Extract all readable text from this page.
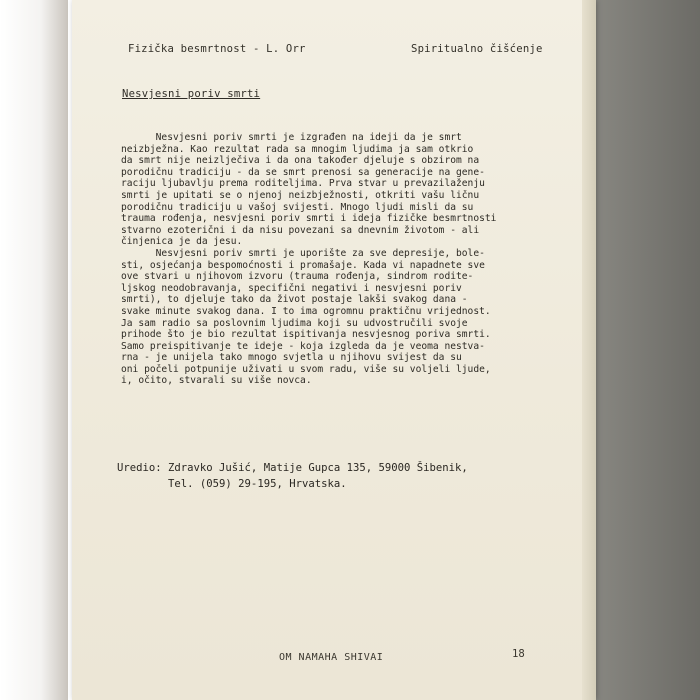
Fizička besmrtnost - L. Orr	Spiritualno čišćenje
Nesvjesni poriv smrti
Nesvjesni poriv smrti je izgrađen na ideji da je smrt
neizbježna. Kao rezultat rada sa mnogim ljudima ja sam otkrio
da smrt nije neizlječiva i da ona također djeluje s obzirom na
porodičnu tradiciju - da se smrt prenosi sa generacije na gene-
raciju ljubavlju prema roditeljima. Prva stvar u prevazilaženju
smrti je upitati se o njenoj neizbježnosti, otkriti vašu ličnu
porodičnu tradiciju u vašoj svijesti. Mnogo ljudi misli da su
trauma rođenja, nesvjesni poriv smrti i ideja fizičke besmrtnosti
stvarno ezoterični i da nisu povezani sa dnevnim životom - ali
činjenica je da jesu.
Nesvjesni poriv smrti je uporište za sve depresije, bole-
sti, osjećanja bespomoćnosti i promašaje. Kada vi napadnete sve
ove stvari u njihovom izvoru (trauma rođenja, sindrom rodite-
ljskog neodobravanja, specifični negativi i nesvjesni poriv
smrti), to djeluje tako da život postaje lakši svakog dana -
svake minute svakog dana. I to ima ogromnu praktičnu vrijednost.
Ja sam radio sa poslovnim ljudima koji su udvostručili svoje
prihode što je bio rezultat ispitivanja nesvjesnog poriva smrti.
Samo preispitivanje te ideje - koja izgleda da je veoma nestva-
rna - je unijela tako mnogo svjetla u njihovu svijest da su
oni počeli potpunije uživati u svom radu, više su voljeli ljude,
i, očito, stvarali su više novca.
Uredio: Zdravko Jušić, Matije Gupca 135, 59000 Šibenik,
Tel. (059) 29-195, Hrvatska.
OM NAMAHA SHIVAI	18
